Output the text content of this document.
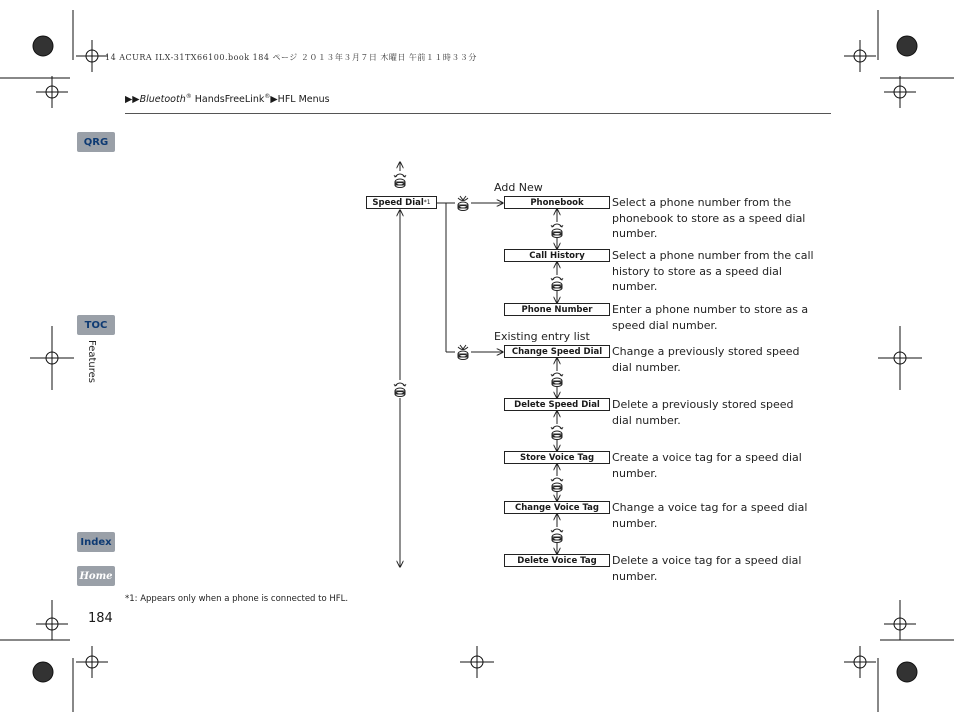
14 ACURA ILX-31TX66100.book 184 ページ ２０１３年３月７日 木曜日 午前１１時３３分
▶▶Bluetooth® HandsFreeLink®▶HFL Menus
QRG
TOC
Features
Index
Home
Speed Dial *1
Add New
Existing entry list
Phonebook
Call History
Phone Number
Change Speed Dial
Delete Speed Dial
Store Voice Tag
Change Voice Tag
Delete Voice Tag
Select a phone number from the phonebook to store as a speed dial number.
Select a phone number from the call history to store as a speed dial number.
Enter a phone number to store as a speed dial number.
Change a previously stored speed dial number.
Delete a previously stored speed dial number.
Create a voice tag for a speed dial number.
Change a voice tag for a speed dial number.
Delete a voice tag for a speed dial number.
*1: Appears only when a phone is connected to HFL.
184
